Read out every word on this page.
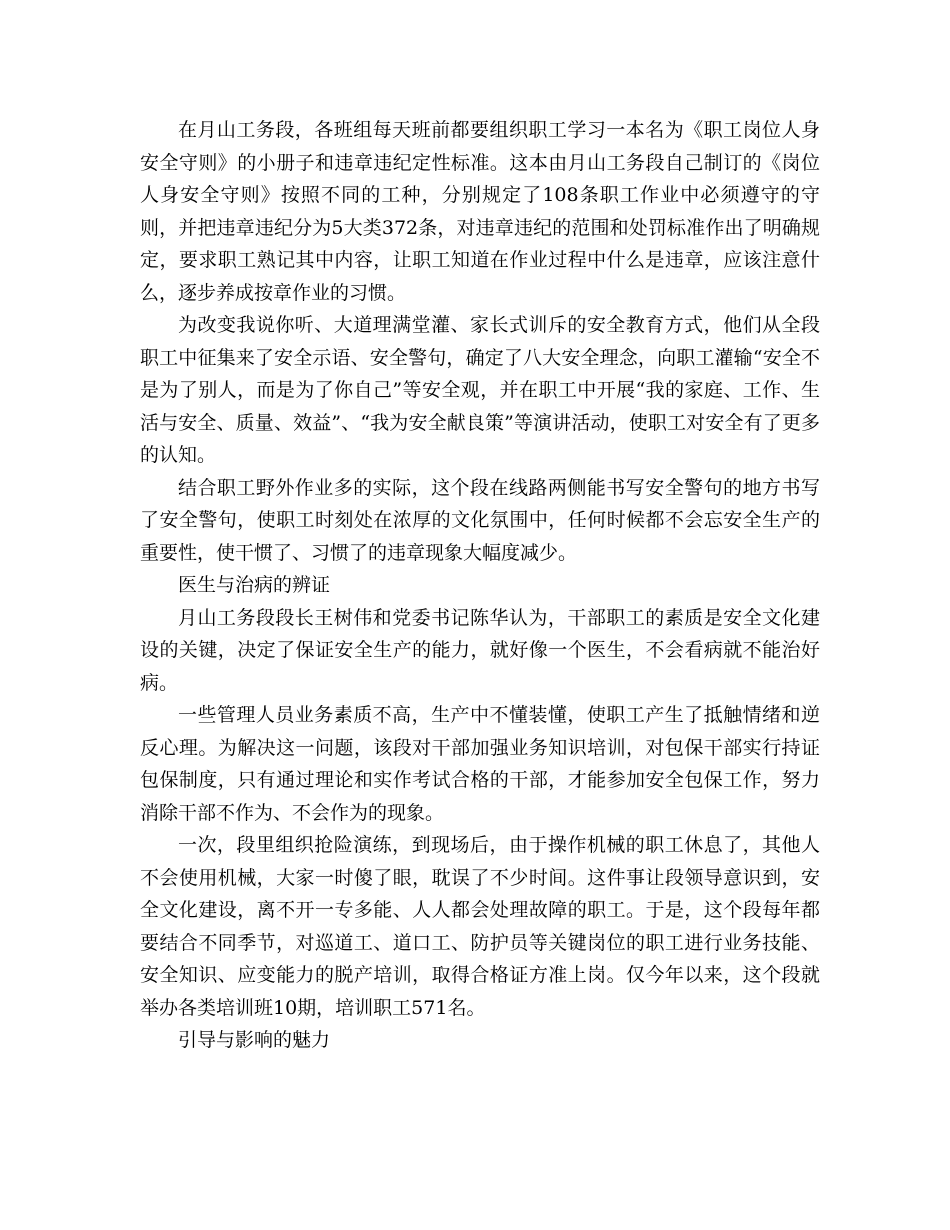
在月山工务段，各班组每天班前都要组织职工学习一本名为《职工岗位人身安全守则》的小册子和违章违纪定性标准。这本由月山工务段自己制订的《岗位人身安全守则》按照不同的工种，分别规定了108条职工作业中必须遵守的守则，并把违章违纪分为5大类372条，对违章违纪的范围和处罚标准作出了明确规定，要求职工熟记其中内容，让职工知道在作业过程中什么是违章，应该注意什么，逐步养成按章作业的习惯。

为改变我说你听、大道理满堂灌、家长式训斥的安全教育方式，他们从全段职工中征集来了安全示语、安全警句，确定了八大安全理念，向职工灌输“安全不是为了别人，而是为了你自己”等安全观，并在职工中开展“我的家庭、工作、生活与安全、质量、效益”、“我为安全献良策”等演讲活动，使职工对安全有了更多的认知。

结合职工野外作业多的实际，这个段在线路两侧能书写安全警句的地方书写了安全警句，使职工时刻处在浓厚的文化氛围中，任何时候都不会忘安全生产的重要性，使干惯了、习惯了的违章现象大幅度减少。

医生与治病的辨证

月山工务段段长王树伟和党委书记陈华认为，干部职工的素质是安全文化建设的关键，决定了保证安全生产的能力，就好像一个医生，不会看病就不能治好病。

一些管理人员业务素质不高，生产中不懂装懂，使职工产生了抵触情绪和逆反心理。为解决这一问题，该段对干部加强业务知识培训，对包保干部实行持证包保制度，只有通过理论和实作考试合格的干部，才能参加安全包保工作，努力消除干部不作为、不会作为的现象。

一次，段里组织抢险演练，到现场后，由于操作机械的职工休息了，其他人不会使用机械，大家一时傻了眼，耽误了不少时间。这件事让段领导意识到，安全文化建设，离不开一专多能、人人都会处理故障的职工。于是，这个段每年都要结合不同季节，对巡道工、道口工、防护员等关键岗位的职工进行业务技能、安全知识、应变能力的脱产培训，取得合格证方准上岗。仅今年以来，这个段就举办各类培训班10期，培训职工571名。

引导与影响的魅力
